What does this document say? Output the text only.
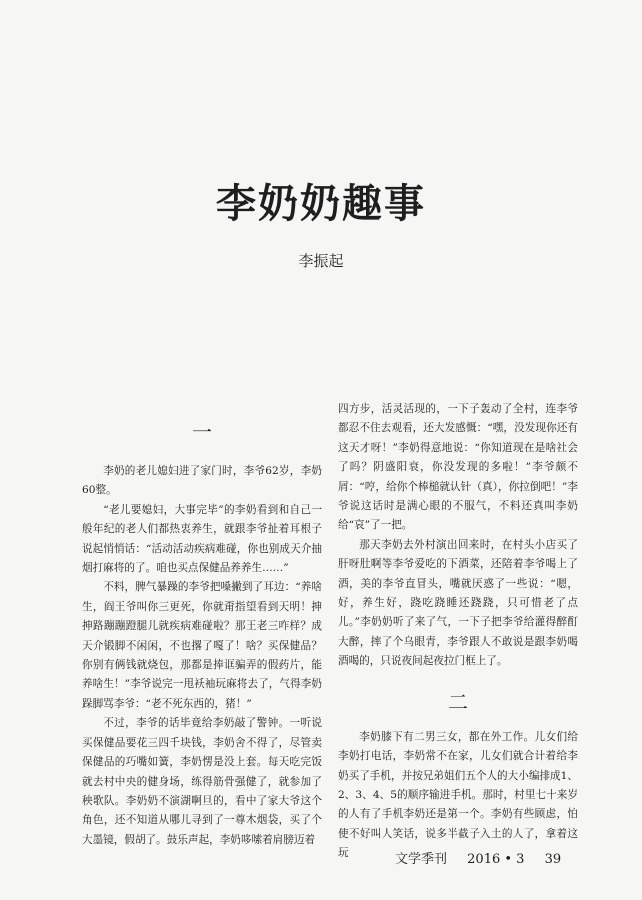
李奶奶趣事
李振起
一

李奶的老儿媳妇进了家门时，李爷62岁，李奶60整。

“老儿要媳妇，大事完毕”的李奶看到和自己一般年纪的老人们都热衷养生，就跟李爷扯着耳根子说起悄悄话：“活动活动疾病难碰，你也别成天介抽烟打麻将的了。咱也买点保健品养养生……”

不料，脾气暴躁的李爷把嗓撇到了耳边：“养啥生，阎王爷叫你三更死，你就甭指望看到天明！抻抻路蹦蹦蹬腿儿就疾病难碰啦？那王老三咋样？成天介锻脚不闲闲，不也撂了嘎了！啥？买保健品？你别有俩钱就烧包，那都是捧诓骗弄的假药片，能养啥生！”李爷说完一甩袄袖玩麻将去了，气得李奶跺脚骂李爷：“老不死东西的，猪！”

不过，李爷的话毕竟给李奶敲了警钟。一听说买保健品要花三四千块钱，李奶舍不得了，尽管卖保健品的巧嘴如簧，李奶愣是没上套。每天吃完饭就去村中央的健身场，练得筋骨强健了，就参加了秧歌队。李奶奶不演湖啊旦的，看中了家大爷这个角色，还不知道从哪儿寻到了一尊木烟袋，买了个大墨镜，假胡了。鼓乐声起，李奶哆嗦着肩膀迈着

四方步，活灵活现的，一下子轰动了全村，连李爷都忍不住去观看，还大发感慨：“嘿，没发现你还有这天才呀！”李奶得意地说：“你知道现在是啥社会了吗？阴盛阳衰，你没发现的多啦！”李爷颇不屑：“哼，给你个棒槌就认针（真），你拉倒吧！”李爷说这话时是满心眼的不服气，不料还真叫李奶给“哀”了一把。

那天李奶去外村演出回来时，在村头小店买了肝呀肚啊等李爷爱吃的下酒菜，还陪着李爷喝上了酒，美的李爷直冒头，嘴就厌惑了一些说：“嗯，好，养生好，跷吃跷睡还跷跷，只可惜老了点儿。”李奶奶听了来了气，一下子把李爷给灌得醉酊大醉，摔了个乌眼青，李爷跟人不敢说是跟李奶喝酒喝的，只说夜间起夜拉门框上了。

二

李奶膝下有二男三女，都在外工作。儿女们给李奶打电话，李奶常不在家，儿女们就合计着给李奶买了手机，并按兄弟姐们五个人的大小编排成1、2、3、4、5的顺序输进手机。那时，村里七十来岁的人有了手机李奶还是第一个。李奶有些顾虑，怕使不好叫人笑话，说多半截子入土的人了，拿着这玩	文学季刊 2016 • 3 39
